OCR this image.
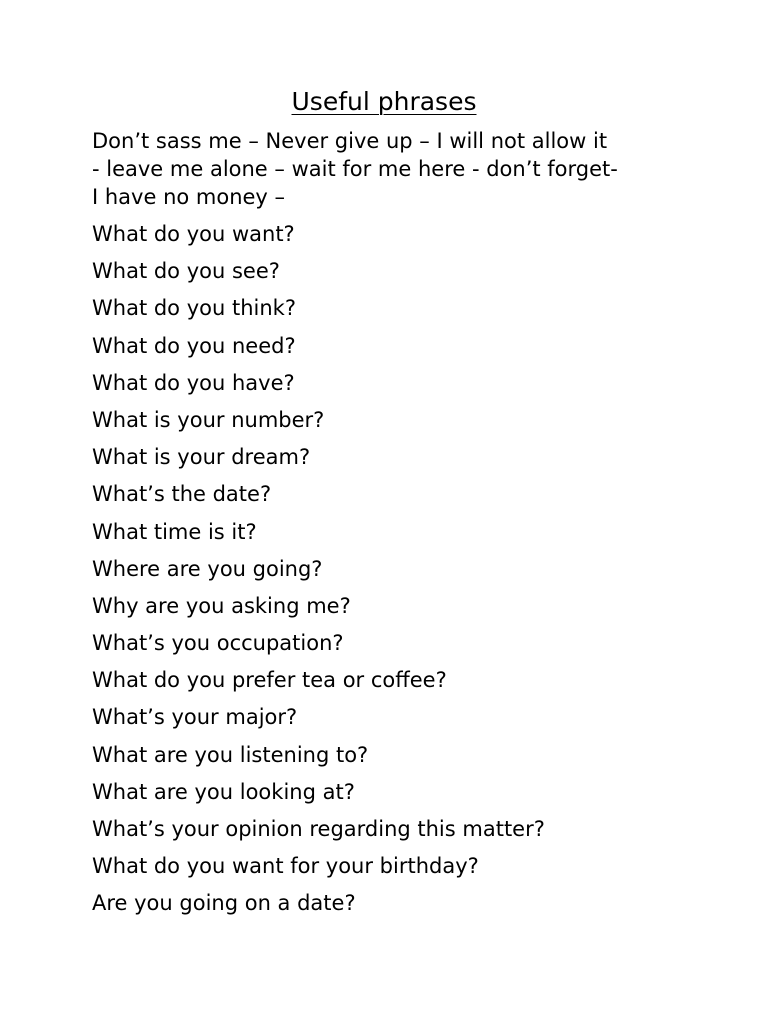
Useful phrases

Don’t sass me – Never give up – I will not allow it
- leave me alone – wait for me here - don’t forget-
I have no money –

What do you want?
What do you see?
What do you think?
What do you need?
What do you have?
What is your number?
What is your dream?
What’s the date?
What time is it?
Where are you going?
Why are you asking me?
What’s you occupation?
What do you prefer tea or coffee?
What’s your major?
What are you listening to?
What are you looking at?
What’s your opinion regarding this matter?
What do you want for your birthday?
Are you going on a date?
